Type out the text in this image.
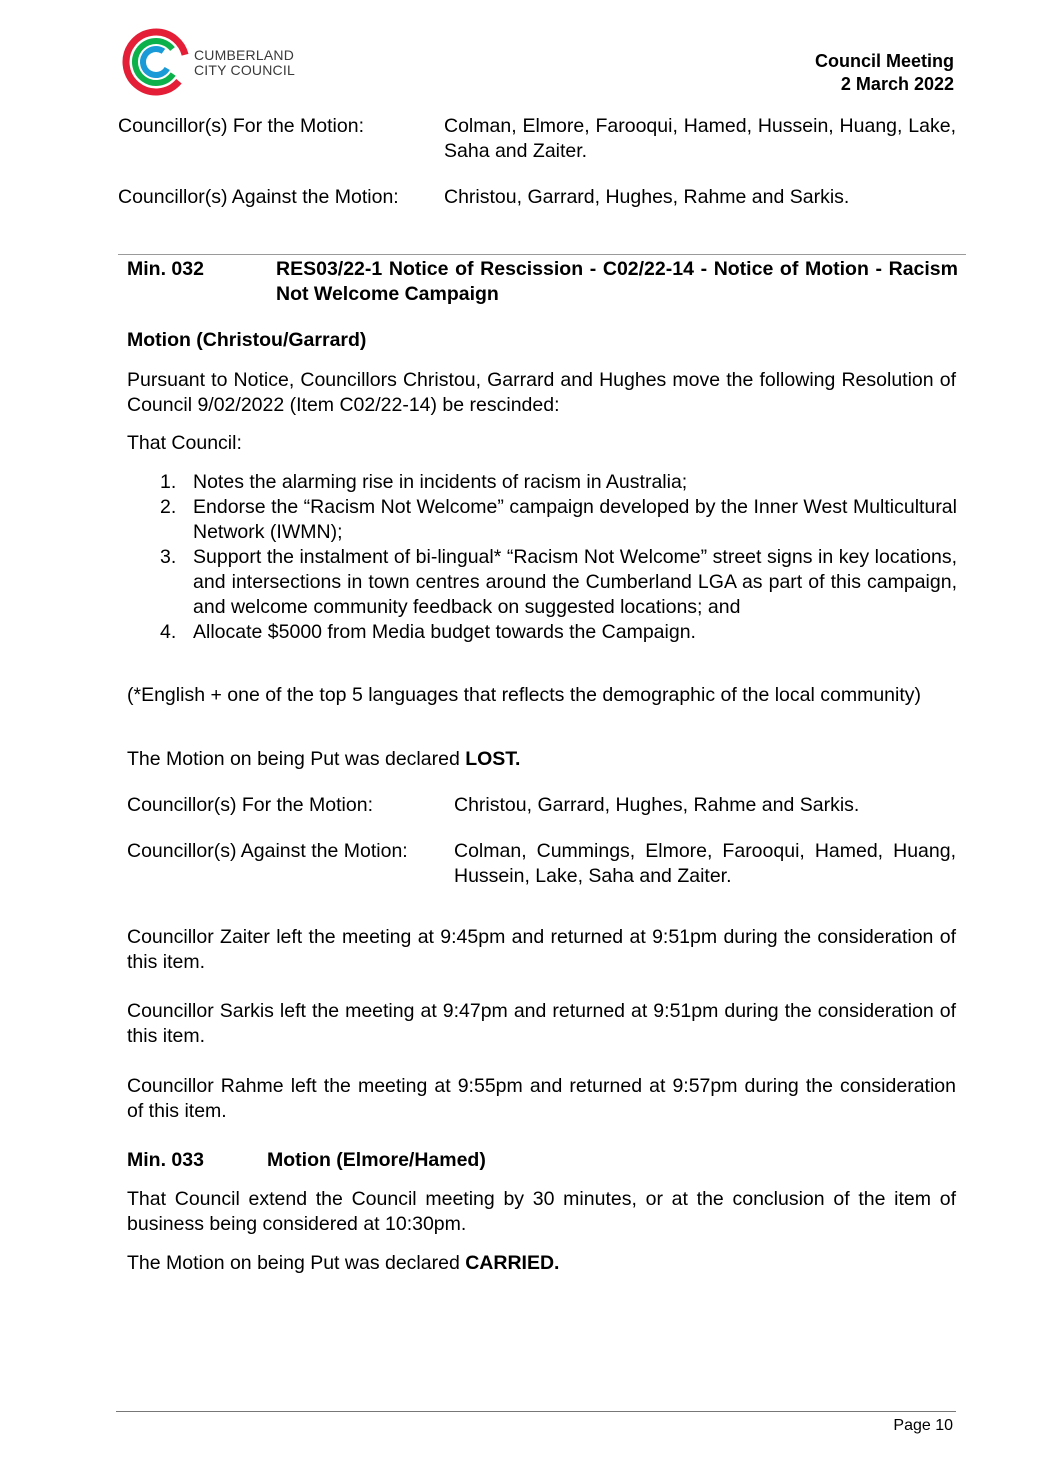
CUMBERLAND
CITY COUNCIL	Council Meeting
2 March 2022
Councillor(s) For the Motion:	Colman, Elmore, Farooqui, Hamed, Hussein, Huang, Lake, Saha and Zaiter.
Councillor(s) Against the Motion: Christou, Garrard, Hughes, Rahme and Sarkis.
Min. 032	RES03/22-1 Notice of Rescission - C02/22-14 - Notice of Motion - Racism Not Welcome Campaign
Motion (Christou/Garrard)
Pursuant to Notice, Councillors Christou, Garrard and Hughes move the following Resolution of Council 9/02/2022 (Item C02/22-14) be rescinded:
That Council:
1. Notes the alarming rise in incidents of racism in Australia;
2. Endorse the “Racism Not Welcome” campaign developed by the Inner West Multicultural Network (IWMN);
3. Support the instalment of bi-lingual* “Racism Not Welcome” street signs in key locations, and intersections in town centres around the Cumberland LGA as part of this campaign, and welcome community feedback on suggested locations; and
4. Allocate $5000 from Media budget towards the Campaign.
(*English + one of the top 5 languages that reflects the demographic of the local community)
The Motion on being Put was declared LOST.
Councillor(s) For the Motion:	Christou, Garrard, Hughes, Rahme and Sarkis.
Councillor(s) Against the Motion: Colman, Cummings, Elmore, Farooqui, Hamed, Huang, Hussein, Lake, Saha and Zaiter.
Councillor Zaiter left the meeting at 9:45pm and returned at 9:51pm during the consideration of this item.
Councillor Sarkis left the meeting at 9:47pm and returned at 9:51pm during the consideration of this item.
Councillor Rahme left the meeting at 9:55pm and returned at 9:57pm during the consideration of this item.
Min. 033	Motion (Elmore/Hamed)
That Council extend the Council meeting by 30 minutes, or at the conclusion of the item of business being considered at 10:30pm.
The Motion on being Put was declared CARRIED.
Page 10
